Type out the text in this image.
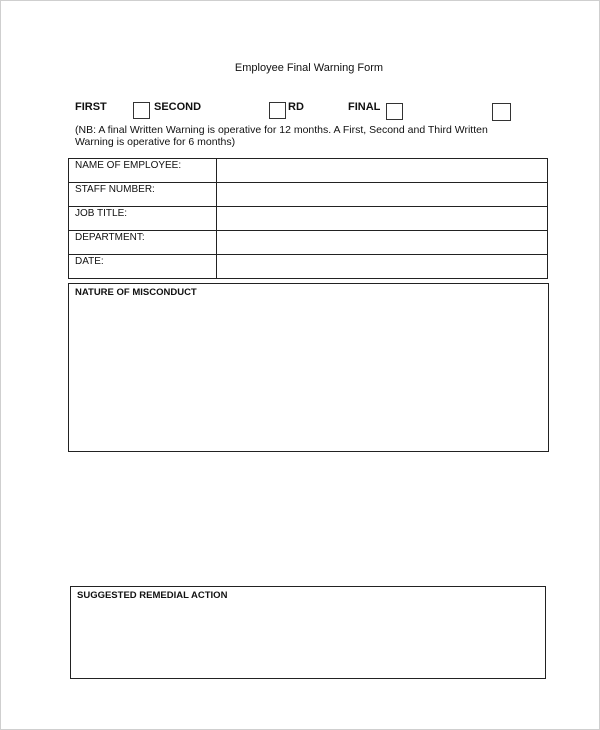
Employee Final Warning Form
FIRST	SECOND	RD	FINAL
(NB: A final Written Warning is operative for 12 months. A First, Second and Third Written
Warning is operative for 6 months)
NAME OF EMPLOYEE:	
STAFF NUMBER:	
JOB TITLE:	
DEPARTMENT:	
DATE:	
NATURE OF MISCONDUCT
SUGGESTED REMEDIAL ACTION
